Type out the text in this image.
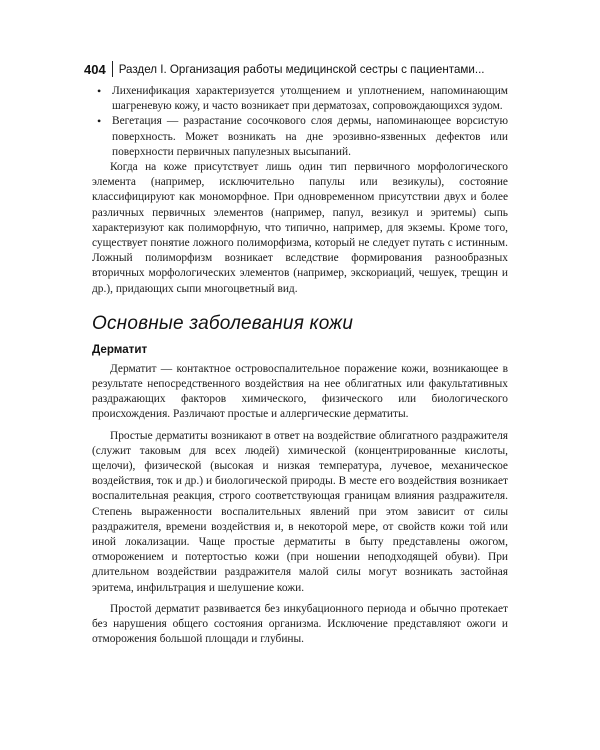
404	Раздел I. Организация работы медицинской сестры с пациентами...
• Лихенификация характеризуется утолщением и уплотнением, напоминающим шагреневую кожу, и часто возникает при дерматозах, сопровождающихся зудом.

• Вегетация — разрастание сосочкового слоя дермы, напоминающее ворсистую поверхность. Может возникать на дне эрозивно-язвенных дефектов или поверхности первичных папулезных высыпаний.

Когда на коже присутствует лишь один тип первичного морфологического элемента (например, исключительно папулы или везикулы), состояние классифицируют как мономорфное. При одновременном присутствии двух и более различных первичных элементов (например, папул, везикул и эритемы) сыпь характеризуют как полиморфную, что типично, например, для экземы. Кроме того, существует понятие ложного полиморфизма, который не следует путать с истинным. Ложный полиморфизм возникает вследствие формирования разнообразных вторичных морфологических элементов (например, экскориаций, чешуек, трещин и др.), придающих сыпи многоцветный вид.

Основные заболевания кожи
Дерматит

Дерматит — контактное островоспалительное поражение кожи, возникающее в результате непосредственного воздействия на нее облигатных или факультативных раздражающих факторов химического, физического или биологического происхождения. Различают простые и аллергические дерматиты.

Простые дерматиты возникают в ответ на воздействие облигатного раздражителя (служит таковым для всех людей) химической (концентрированные кислоты, щелочи), физической (высокая и низкая температура, лучевое, механическое воздействия, ток и др.) и биологической природы. В месте его воздействия возникает воспалительная реакция, строго соответствующая границам влияния раздражителя. Степень выраженности воспалительных явлений при этом зависит от силы раздражителя, времени воздействия и, в некоторой мере, от свойств кожи той или иной локализации. Чаще простые дерматиты в быту представлены ожогом, отморожением и потертостью кожи (при ношении неподходящей обуви). При длительном воздействии раздражителя малой силы могут возникать застойная эритема, инфильтрация и шелушение кожи.

Простой дерматит развивается без инкубационного периода и обычно протекает без нарушения общего состояния организма. Исключение представляют ожоги и отморожения большой площади и глубины.
